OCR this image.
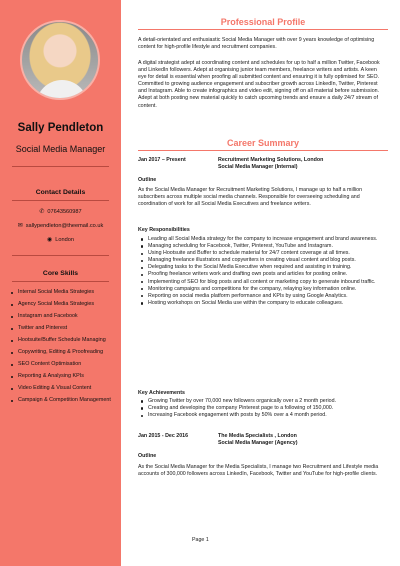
Sally Pendleton
Social Media Manager
Contact Details
✆ 07643560987
✉ sallypendleton@theemail.co.uk
◉ London
Core Skills
Internal Social Media Strategies
Agency Social Media Strategies
Instagram and Facebook
Twitter and Pinterest
Hootsuite/Buffer Schedule Managing
Copywriting, Editing & Proofreading
SEO Content Optimisation
Reporting & Analysing KPIs
Video Editing & Visual Content
Campaign & Competition Management
Professional Profile
A detail-orientated and enthusiastic Social Media Manager with over 9 years knowledge of optimising content for high-profile lifestyle and recruitment companies.
A digital strategist adept at coordinating content and schedules for up to half a million Twitter, Facebook and LinkedIn followers. Adept at organising junior team members, freelance writers and artists. A keen eye for detail is essential when proofing all submitted content and ensuring it is fully optimised for SEO. Committed to growing audience engagement and subscriber growth across LinkedIn, Twitter, Pinterest and Instagram. Able to create infographics and video edit, signing off on all material before submission. Adept at both posting new material quickly to catch upcoming trends and ensure a daily 24/7 stream of content.
Career Summary
Jan 2017 – Present	Recruitment Marketing Solutions, London
Social Media Manager (Internal)
Outline
As the Social Media Manager for Recruitment Marketing Solutions, I manage up to half a million subscribers across multiple social media channels. Responsible for overseeing scheduling and coordination of work for all Social Media Executives and freelance writers.
Key Responsibilities
Leading all Social Media strategy for the company to increase engagement and brand awareness.
Managing scheduling for Facebook, Twitter, Pinterest, YouTube and Instagram.
Using Hootsuite and Buffer to schedule material for 24/7 content coverage at all times.
Managing freelance illustrators and copywriters in creating visual content and blog posts.
Delegating tasks to the Social Media Executive when required and assisting in training.
Proofing freelance writers work and drafting own posts and articles for posting online.
Implementing of SEO for blog posts and all content or marketing copy to generate inbound traffic.
Monitoring campaigns and competitions for the company, relaying key information online.
Reporting on social media platform performance and KPIs by using Google Analytics.
Hosting workshops on Social Media use within the company to educate colleagues.
Key Achievements
Growing Twitter by over 70,000 new followers organically over a 2 month period.
Creating and developing the company Pinterest page to a following of 150,000.
Increasing Facebook engagement with posts by 50% over a 4 month period.
Jan 2015 - Dec 2016	The Media Specialists , London
Social Media Manager (Agency)
Outline
As the Social Media Manager for the Media Specialists, I manage two Recruitment and Lifestyle media accounts of 300,000 followers across LinkedIn, Facebook, Twitter and YouTube for high-profile clients.
Page 1
